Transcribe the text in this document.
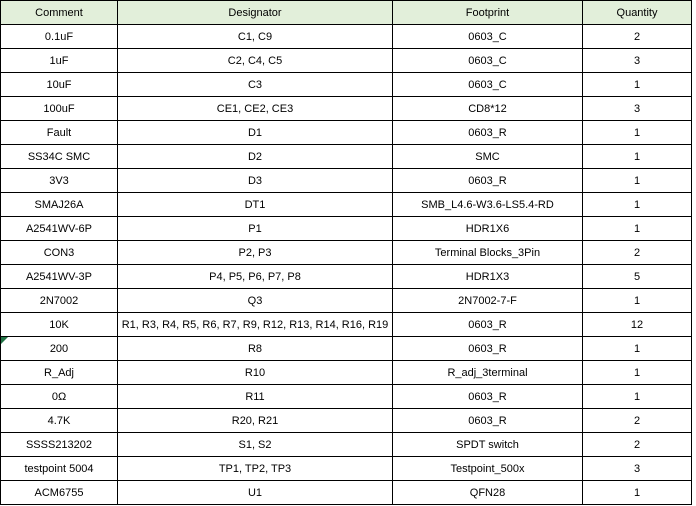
Comment	Designator	Footprint	Quantity
0.1uF	C1, C9	0603_C	2
1uF	C2, C4, C5	0603_C	3
10uF	C3	0603_C	1
100uF	CE1, CE2, CE3	CD8*12	3
Fault	D1	0603_R	1
SS34C SMC	D2	SMC	1
3V3	D3	0603_R	1
SMAJ26A	DT1	SMB_L4.6-W3.6-LS5.4-RD	1
A2541WV-6P	P1	HDR1X6	1
CON3	P2, P3	Terminal Blocks_3Pin	2
A2541WV-3P	P4, P5, P6, P7, P8	HDR1X3	5
2N7002	Q3	2N7002-7-F	1
10K	R1, R3, R4, R5, R6, R7, R9, R12, R13, R14, R16, R19	0603_R	12

200	R8	0603_R	1
R_Adj	R10	R_adj_3terminal	1
0Ω	R11	0603_R	1
4.7K	R20, R21	0603_R	2
SSSS213202	S1, S2	SPDT switch	2
testpoint 5004	TP1, TP2, TP3	Testpoint_500x	3
ACM6755	U1	QFN28	1
